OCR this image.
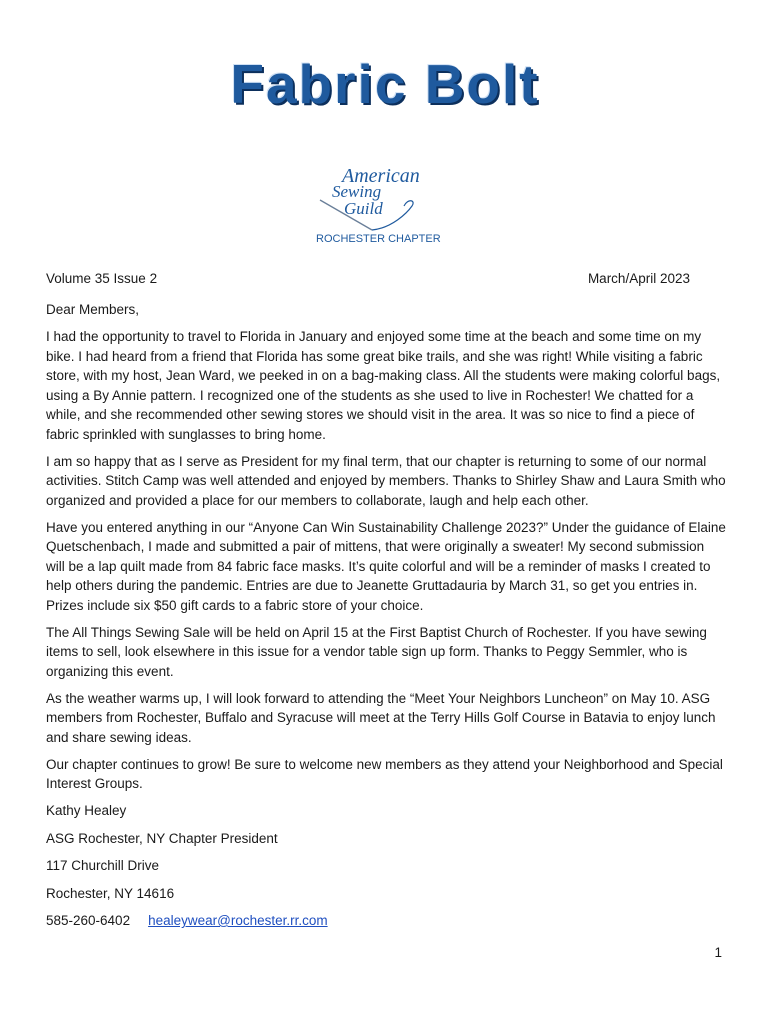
Fabric Bolt
American
Sewing
Guild
ROCHESTER CHAPTER
Volume 35 Issue 2	March/April 2023

Dear Members,

I had the opportunity to travel to Florida in January and enjoyed some time at the beach and some time on my bike. I had heard from a friend that Florida has some great bike trails, and she was right! While visiting a fabric store, with my host, Jean Ward, we peeked in on a bag-making class. All the students were making colorful bags, using a By Annie pattern. I recognized one of the students as she used to live in Rochester! We chatted for a while, and she recommended other sewing stores we should visit in the area. It was so nice to find a piece of fabric sprinkled with sunglasses to bring home.

I am so happy that as I serve as President for my final term, that our chapter is returning to some of our normal activities. Stitch Camp was well attended and enjoyed by members. Thanks to Shirley Shaw and Laura Smith who organized and provided a place for our members to collaborate, laugh and help each other.

Have you entered anything in our “Anyone Can Win Sustainability Challenge 2023?” Under the guidance of Elaine Quetschenbach, I made and submitted a pair of mittens, that were originally a sweater! My second submission will be a lap quilt made from 84 fabric face masks. It’s quite colorful and will be a reminder of masks I created to help others during the pandemic. Entries are due to Jeanette Gruttadauria by March 31, so get you entries in. Prizes include six $50 gift cards to a fabric store of your choice.

The All Things Sewing Sale will be held on April 15 at the First Baptist Church of Rochester. If you have sewing items to sell, look elsewhere in this issue for a vendor table sign up form. Thanks to Peggy Semmler, who is organizing this event.

As the weather warms up, I will look forward to attending the “Meet Your Neighbors Luncheon” on May 10. ASG members from Rochester, Buffalo and Syracuse will meet at the Terry Hills Golf Course in Batavia to enjoy lunch and share sewing ideas.

Our chapter continues to grow! Be sure to welcome new members as they attend your Neighborhood and Special Interest Groups.

Kathy Healey

ASG Rochester, NY Chapter President

117 Churchill Drive

Rochester, NY 14616

585-260-6402 healeywear@rochester.rr.com
1
